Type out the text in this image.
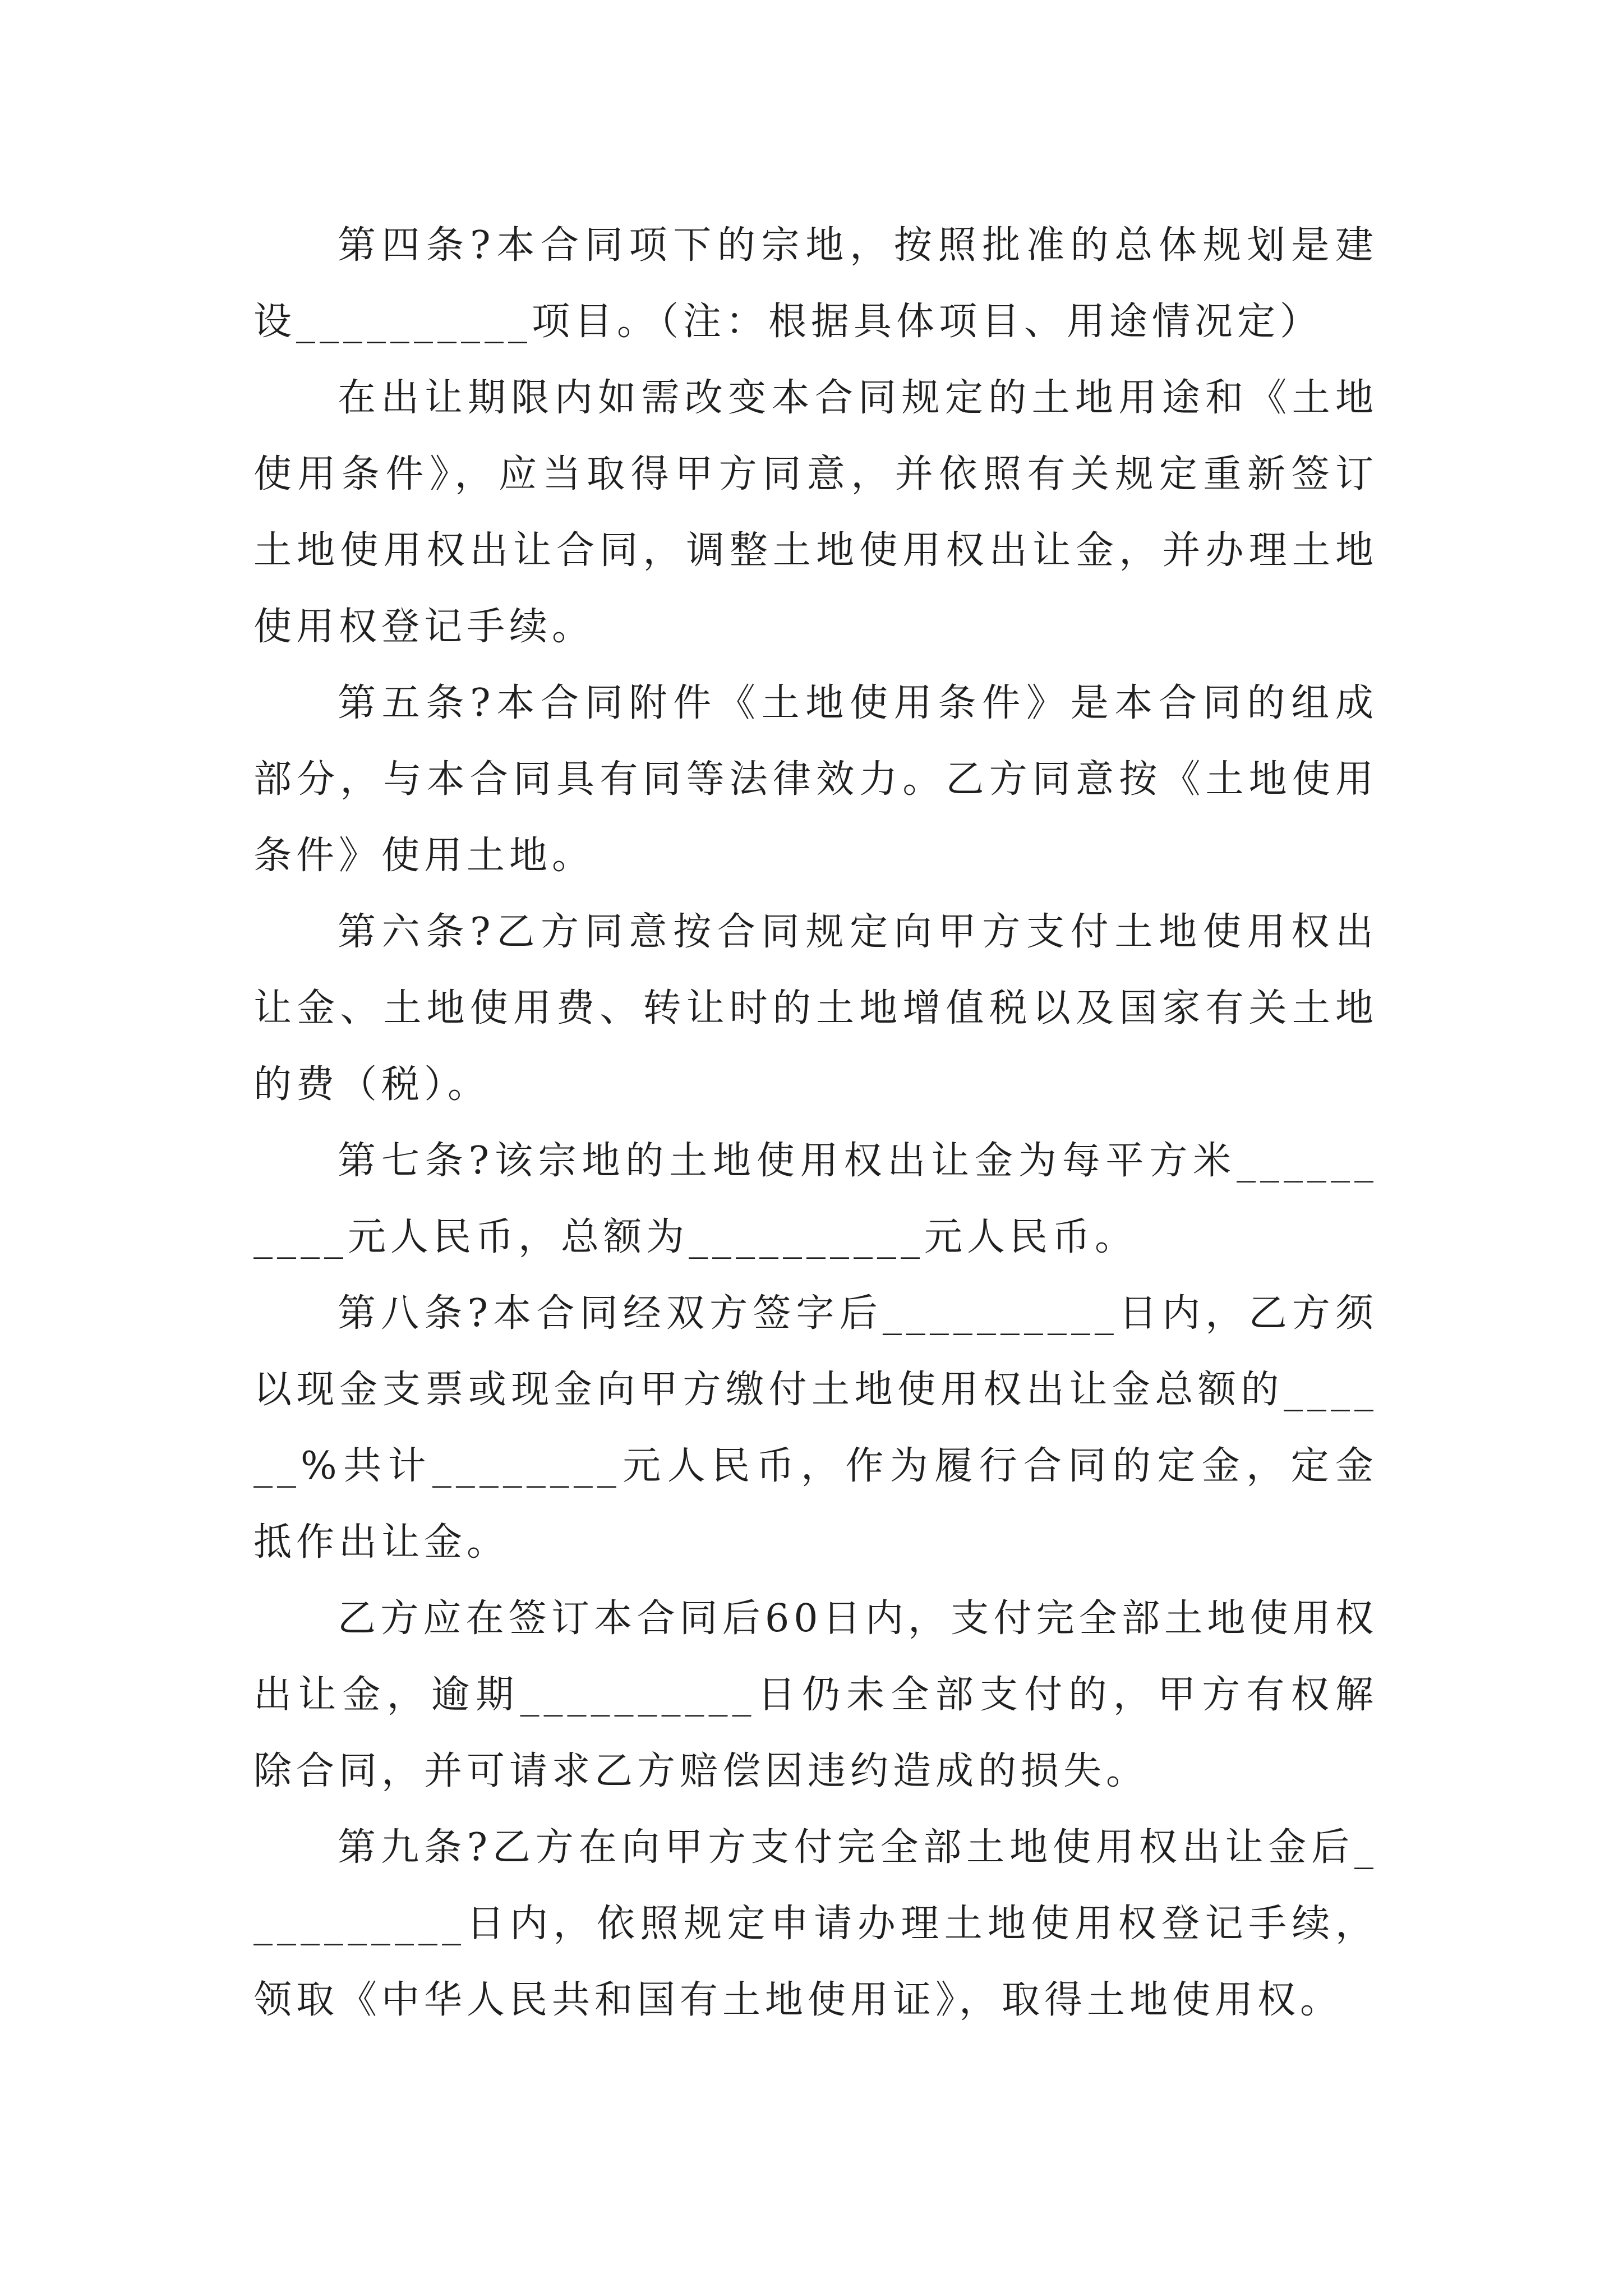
第四条?本合同项下的宗地，按照批准的总体规划是建设__________项目。（注：根据具体项目、用途情况定）

在出让期限内如需改变本合同规定的土地用途和《土地使用条件》，应当取得甲方同意，并依照有关规定重新签订土地使用权出让合同，调整土地使用权出让金，并办理土地使用权登记手续。

第五条?本合同附件《土地使用条件》是本合同的组成部分，与本合同具有同等法律效力。乙方同意按《土地使用条件》使用土地。

第六条?乙方同意按合同规定向甲方支付土地使用权出让金、土地使用费、转让时的土地增值税以及国家有关土地的费（税）。

第七条?该宗地的土地使用权出让金为每平方米__________元人民币，总额为__________元人民币。

第八条?本合同经双方签字后__________日内，乙方须以现金支票或现金向甲方缴付土地使用权出让金总额的______%共计________元人民币，作为履行合同的定金，定金抵作出让金。

乙方应在签订本合同后60日内，支付完全部土地使用权出让金，逾期__________日仍未全部支付的，甲方有权解除合同，并可请求乙方赔偿因违约造成的损失。

第九条?乙方在向甲方支付完全部土地使用权出让金后__________日内，依照规定申请办理土地使用权登记手续，领取《中华人民共和国有土地使用证》，取得土地使用权。
